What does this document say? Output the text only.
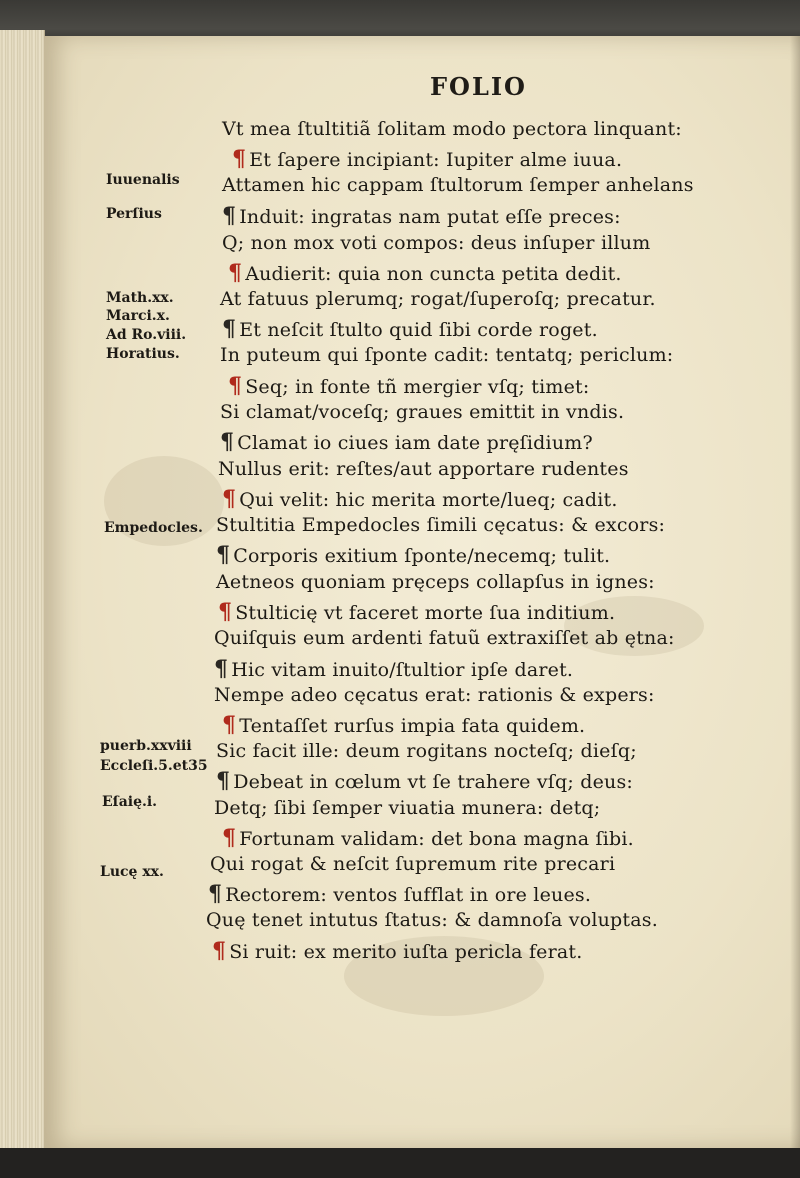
FOLIO
Vt mea ſtultitiã ſolitam modo pectora linquant:
¶ Et ſapere incipiant: Iupiter alme iuua.
Attamen hic cappam ſtultorum ſemper anhelans
¶ Induit: ingratas nam putat eſſe preces:
Q; non mox voti compos: deus inſuper illum
¶ Audierit: quia non cuncta petita dedit.
At fatuus plerumq; rogat/ſuperoſq; precatur.
¶ Et neſcit ſtulto quid ſibi corde roget.
In puteum qui ſponte cadit: tentatq; periclum:
¶ Seq; in fonte tñ mergier vſq; timet:
Si clamat/voceſq; graues emittit in vndis.
¶ Clamat io ciues iam date pręſidium?
Nullus erit: reſtes/aut apportare rudentes
¶ Qui velit: hic merita morte/lueq; cadit.
Stultitia Empedocles ſimili cęcatus: & excors:
¶ Corporis exitium ſponte/necemq; tulit.
Aetneos quoniam pręceps collapſus in ignes:
¶ Stulticię vt faceret morte ſua inditium.
Quiſquis eum ardenti fatuũ extraxiſſet ab ętna:
¶ Hic vitam inuito/ſtultior ipſe daret.
Nempe adeo cęcatus erat: rationis & expers:
¶ Tentaſſet rurſus impia fata quidem.
Sic facit ille: deum rogitans nocteſq; dieſq;
¶ Debeat in cœlum vt ſe trahere vſq; deus:
Detq; ſibi ſemper viuatia munera: detq;
¶ Fortunam validam: det bona magna ſibi.
Qui rogat & neſcit ſupremum rite precari
¶ Rectorem: ventos ſufflat in ore leues.
Quę tenet intutus ſtatus: & damnoſa voluptas.
¶ Si ruit: ex merito iuſta pericla ferat.
Iuuenalis
Perſius
Math.xx.
Marci.x.
Ad Ro.viii.
Horatius.
Empedocles.
puerb.xxviii
Eccleſi.5.et35
Eſaię.i.
Lucę xx.
